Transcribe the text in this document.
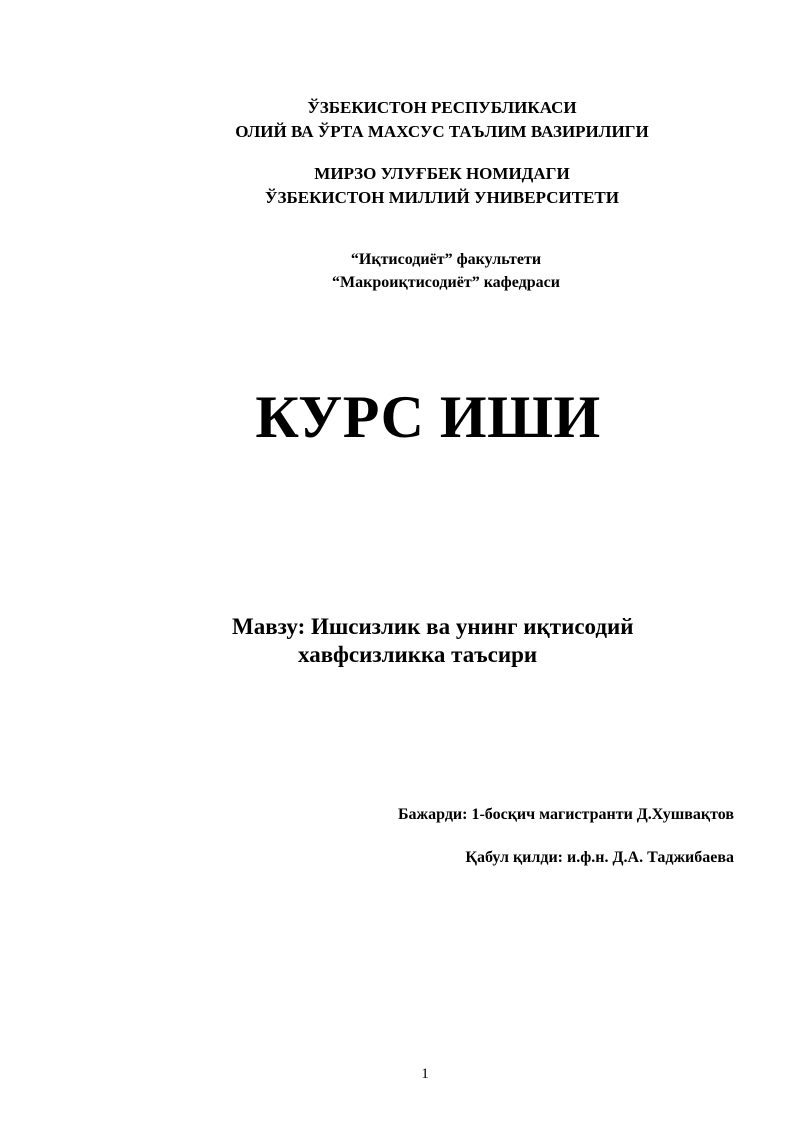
ЎЗБЕКИСТОН РЕСПУБЛИКАСИ
ОЛИЙ ВА ЎРТА МАХСУС ТАЪЛИМ ВАЗИРИЛИГИ
МИРЗО УЛУҒБЕК НОМИДАГИ
ЎЗБЕКИСТОН МИЛЛИЙ УНИВЕРСИТЕТИ
“Иқтисодиёт” факультети
“Макроиқтисодиёт” кафедраси
КУРС ИШИ
Мавзу: Ишсизлик ва унинг иқтисодий
хавфсизликка таъсири
Бажарди: 1-босқич магистранти Д.Хушвақтов
Қабул қилди: и.ф.н. Д.А. Таджибаева
1
